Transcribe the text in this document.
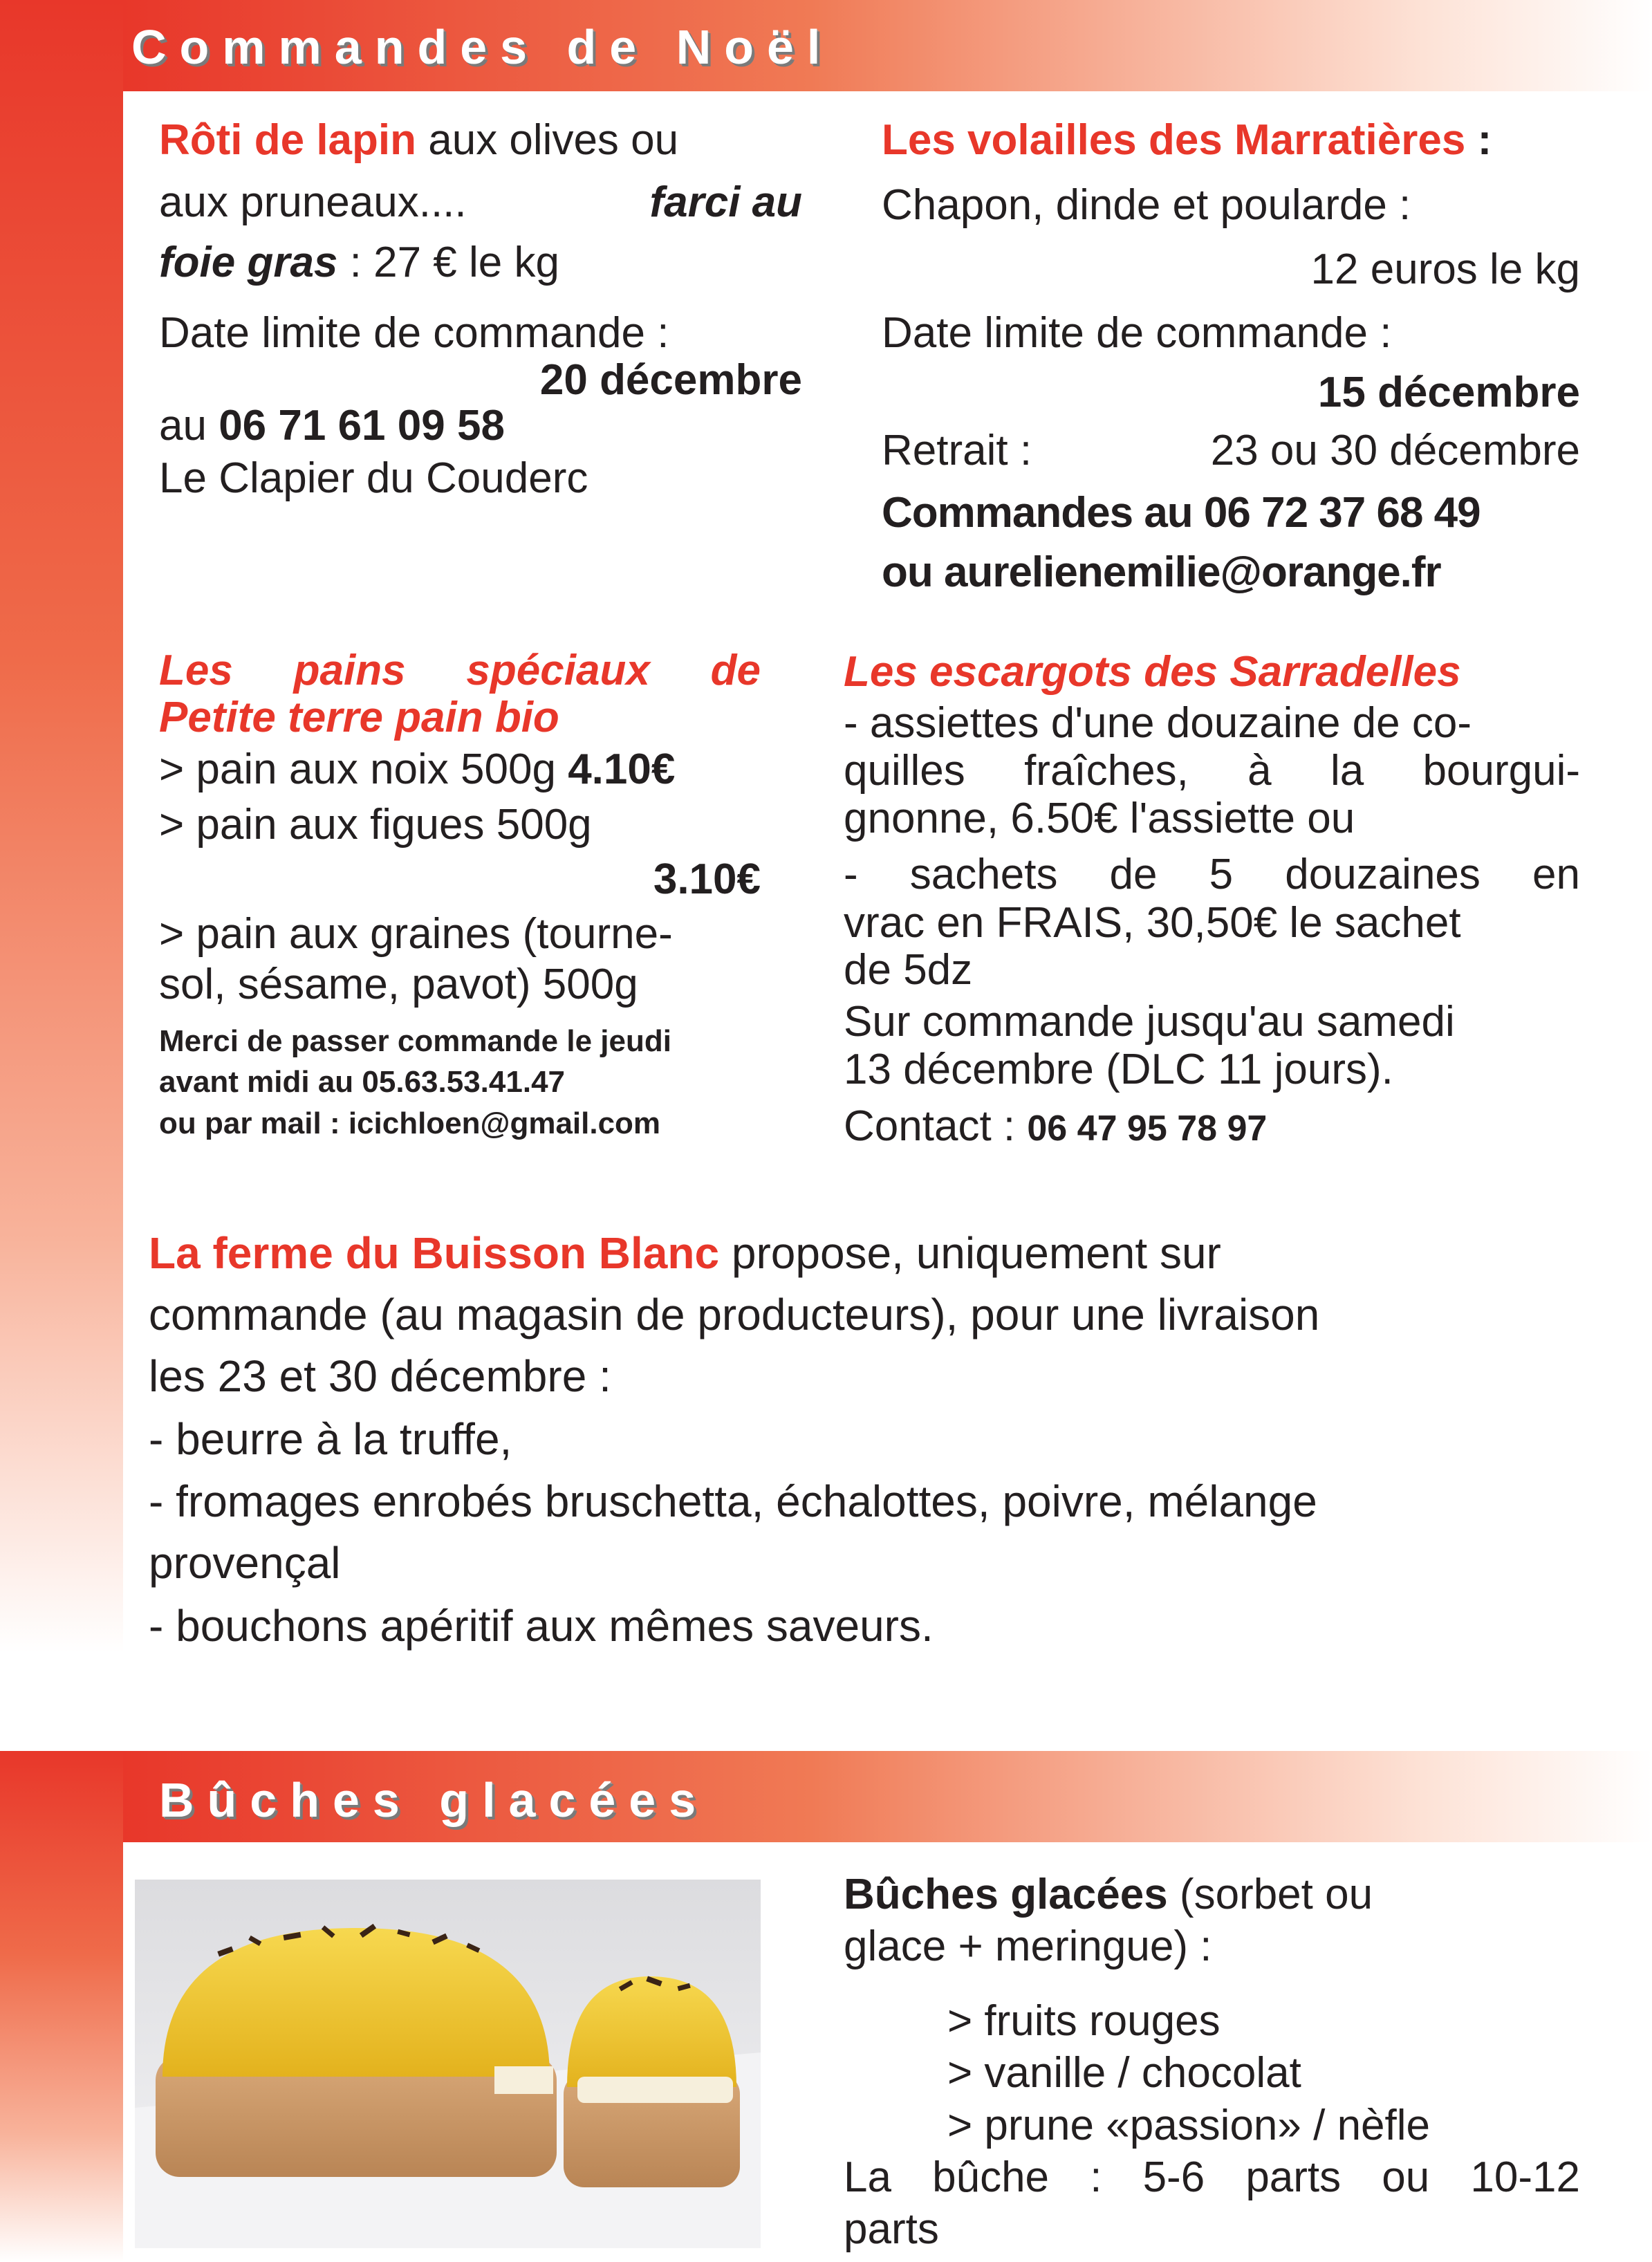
Commandes de Noël
Rôti de lapin aux olives ou
aux pruneaux....	farci au
foie gras : 27 € le kg
Date limite de commande :
20 décembre
au 06 71 61 09 58
Le Clapier du Couderc
Les volailles des Marratières :
Chapon, dinde et poularde :
12 euros le kg
Date limite de commande :
15 décembre
Retrait :	23 ou 30 décembre
Commandes au 06 72 37 68 49
ou aurelienemilie@orange.fr
Les pains spéciaux de
Petite terre pain bio
> pain aux noix 500g 4.10€
> pain aux figues 500g
3.10€
> pain aux graines (tourne-
sol, sésame, pavot) 500g
Merci de passer commande le jeudi
avant midi au 05.63.53.41.47
ou par mail : icichloen@gmail.com
Les escargots des Sarradelles
- assiettes d'une douzaine de co-
quilles fraîches, à la bourgui-
gnonne, 6.50€ l'assiette ou
- sachets de 5 douzaines en
vrac en FRAIS, 30,50€ le sachet
de 5dz
Sur commande jusqu'au samedi
13 décembre (DLC 11 jours).
Contact : 06 47 95 78 97
La ferme du Buisson Blanc propose, uniquement sur
commande (au magasin de producteurs), pour une livraison
les 23 et 30 décembre :
- beurre à la truffe,
- fromages enrobés bruschetta, échalottes, poivre, mélange
provençal
- bouchons apéritif aux mêmes saveurs.
Bûches glacées
Bûches glacées (sorbet ou
glace + meringue) :
> fruits rouges
> vanille / chocolat
> prune «passion» / nèfle
La bûche : 5-6 parts ou 10-12
parts
